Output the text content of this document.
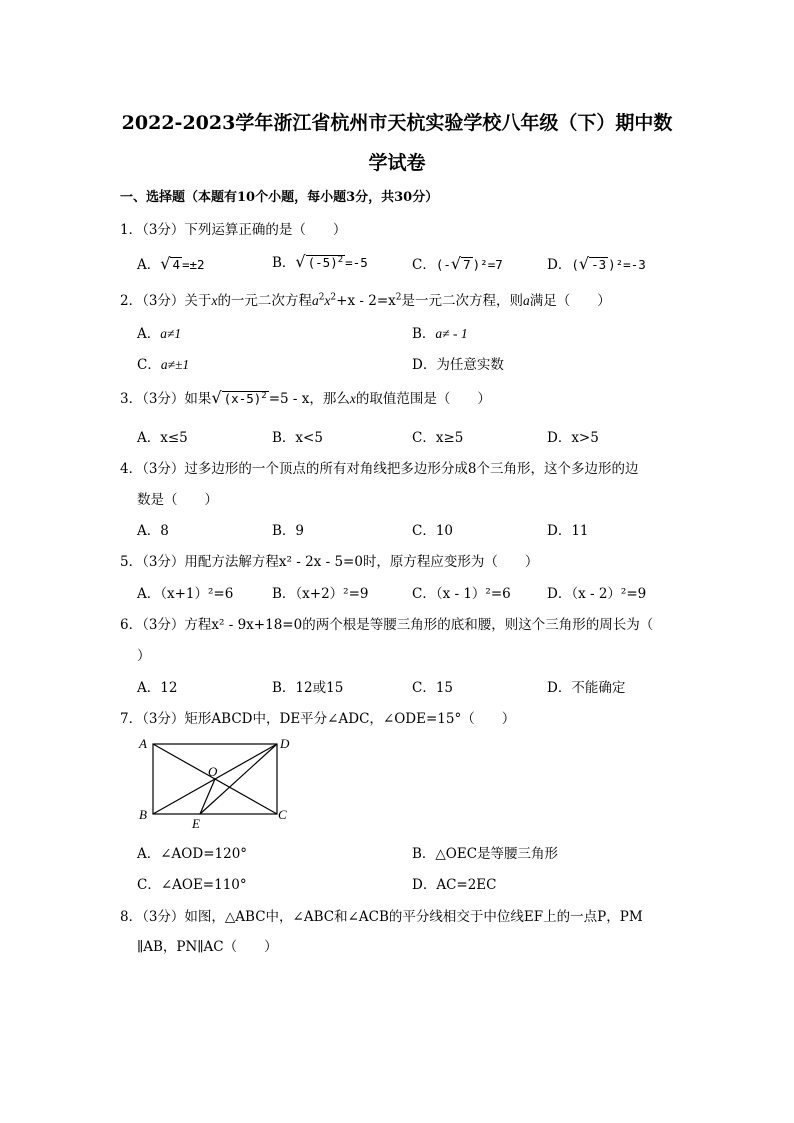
2022-2023学年浙江省杭州市天杭实验学校八年级（下）期中数
学试卷
一、选择题（本题有10个小题，每小题3分，共30分）
1．（3分）下列运算正确的是（　　）
A．√ 4 =±2	B．√ $(-5)^2 =-5$	C．(-√ 7 )²=7	D．(√ -3 )²=-3
2．（3分）关于x的一元二次方程$a^2x^2+x - 2=x^2$是一元二次方程，则a满足（　　）
A．a≠1	B．a≠ - 1
C．a≠±1	D．为任意实数
3．（3分）如果√ $(x-5)^2 =5 - x$，那么x的取值范围是（　　）
A．x≤5	B．x<5	C．x≥5	D．x>5
4．（3分）过多边形的一个顶点的所有对角线把多边形分成8个三角形，这个多边形的边
数是（　　）
A．8	B．9	C．10	D．11
5．（3分）用配方法解方程x² - 2x - 5=0时，原方程应变形为（　　）
A．（x+1）²=6	B．（x+2）²=9	C．（x - 1）²=6	D．（x - 2）²=9
6．（3分）方程x² - 9x+18=0的两个根是等腰三角形的底和腰，则这个三角形的周长为（
）
A．12	B．12或15	C．15	D．不能确定
7．（3分）矩形ABCD中，DE平分∠ADC，∠ODE=15°（　　）
A
B	C
D
O
E
A．∠AOD=120°	B．△OEC是等腰三角形
C．∠AOE=110°	D．AC=2EC
8．（3分）如图，△ABC中，∠ABC和∠ACB的平分线相交于中位线EF上的一点P，PM
∥AB，PN∥AC（　　）
